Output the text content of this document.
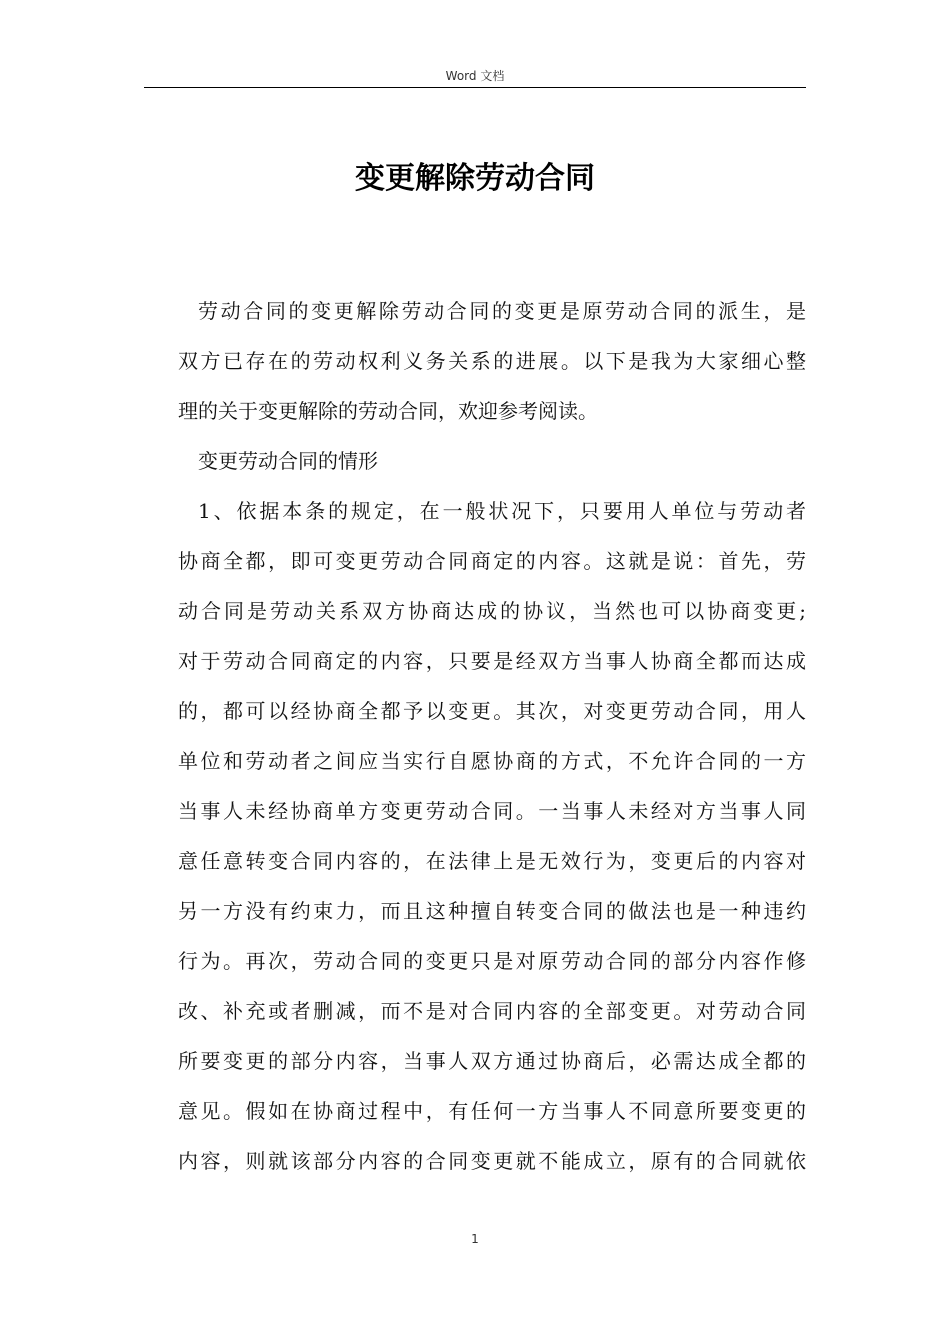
Word 文档
变更解除劳动合同
劳动合同的变更解除劳动合同的变更是原劳动合同的派生，是
双方已存在的劳动权利义务关系的进展。以下是我为大家细心整
理的关于变更解除的劳动合同，欢迎参考阅读。
变更劳动合同的情形
1、依据本条的规定，在一般状况下，只要用人单位与劳动者
协商全都，即可变更劳动合同商定的内容。这就是说：首先，劳
动合同是劳动关系双方协商达成的协议，当然也可以协商变更;
对于劳动合同商定的内容，只要是经双方当事人协商全都而达成
的，都可以经协商全都予以变更。其次，对变更劳动合同，用人
单位和劳动者之间应当实行自愿协商的方式，不允许合同的一方
当事人未经协商单方变更劳动合同。一当事人未经对方当事人同
意任意转变合同内容的，在法律上是无效行为，变更后的内容对
另一方没有约束力，而且这种擅自转变合同的做法也是一种违约
行为。再次，劳动合同的变更只是对原劳动合同的部分内容作修
改、补充或者删减，而不是对合同内容的全部变更。对劳动合同
所要变更的部分内容，当事人双方通过协商后，必需达成全都的
意见。假如在协商过程中，有任何一方当事人不同意所要变更的
内容，则就该部分内容的合同变更就不能成立，原有的合同就依
1
